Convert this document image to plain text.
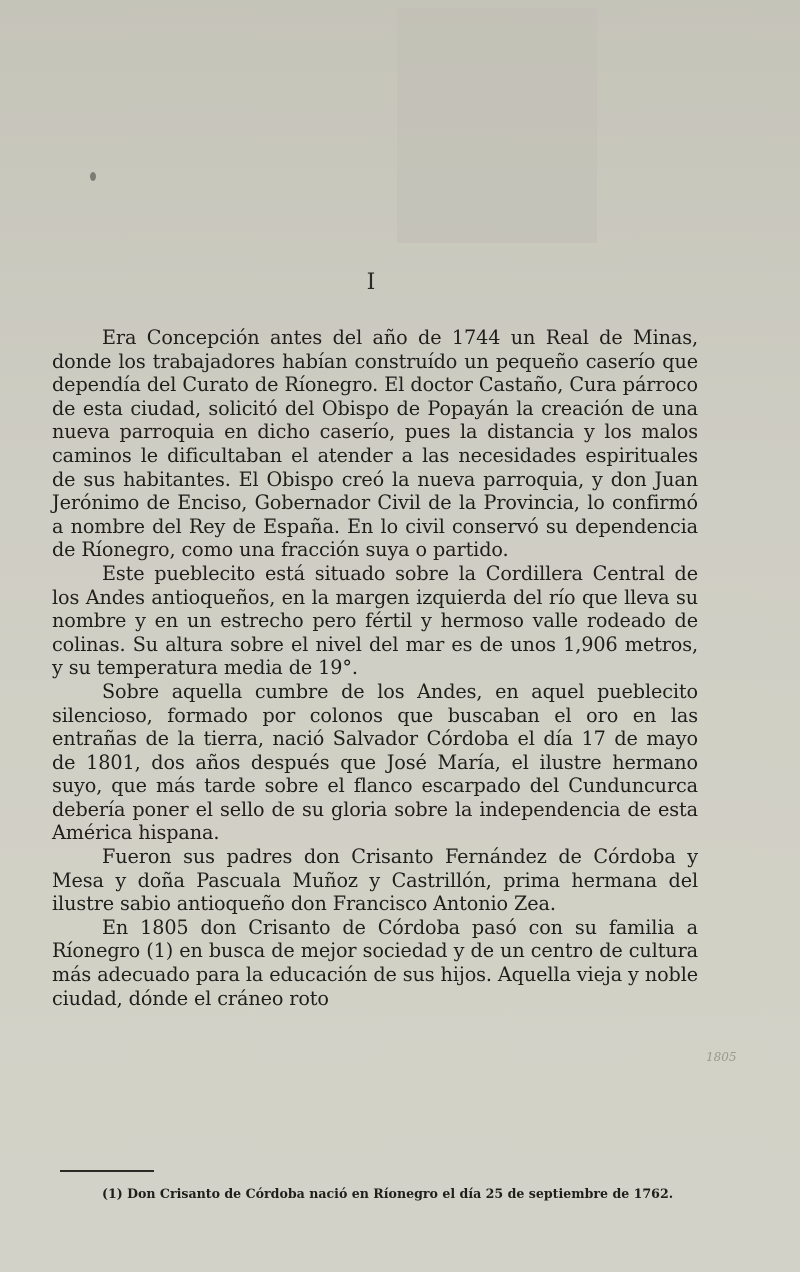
I

Era Concepción antes del año de 1744 un Real de Minas, donde los trabajadores habían construído un pequeño caserío que dependía del Curato de Ríonegro. El doctor Castaño, Cura párroco de esta ciudad, solicitó del Obispo de Popayán la creación de una nueva parroquia en dicho caserío, pues la distancia y los malos caminos le dificultaban el atender a las necesidades espirituales de sus habitantes. El Obispo creó la nueva parroquia, y don Juan Jerónimo de Enciso, Gobernador Civil de la Provincia, lo confirmó a nombre del Rey de España. En lo civil conservó su dependencia de Ríonegro, como una fracción suya o partido.

Este pueblecito está situado sobre la Cordillera Central de los Andes antioqueños, en la margen izquierda del río que lleva su nombre y en un estrecho pero fértil y hermoso valle rodeado de colinas. Su altura sobre el nivel del mar es de unos 1,906 metros, y su temperatura media de 19°.

Sobre aquella cumbre de los Andes, en aquel pueblecito silencioso, formado por colonos que buscaban el oro en las entrañas de la tierra, nació Salvador Córdoba el día 17 de mayo de 1801, dos años después que José María, el ilustre hermano suyo, que más tarde sobre el flanco escarpado del Cunduncurca debería poner el sello de su gloria sobre la independencia de esta América hispana.

Fueron sus padres don Crisanto Fernández de Córdoba y Mesa y doña Pascuala Muñoz y Castrillón, prima hermana del ilustre sabio antioqueño don Francisco Antonio Zea.

En 1805 don Crisanto de Córdoba pasó con su familia a Ríonegro (1) en busca de mejor sociedad y de un centro de cultura más adecuado para la educación de sus hijos. Aquella vieja y noble ciudad, dónde el cráneo roto

1805
(1) Don Crisanto de Córdoba nació en Ríonegro el día 25 de septiembre de 1762.
